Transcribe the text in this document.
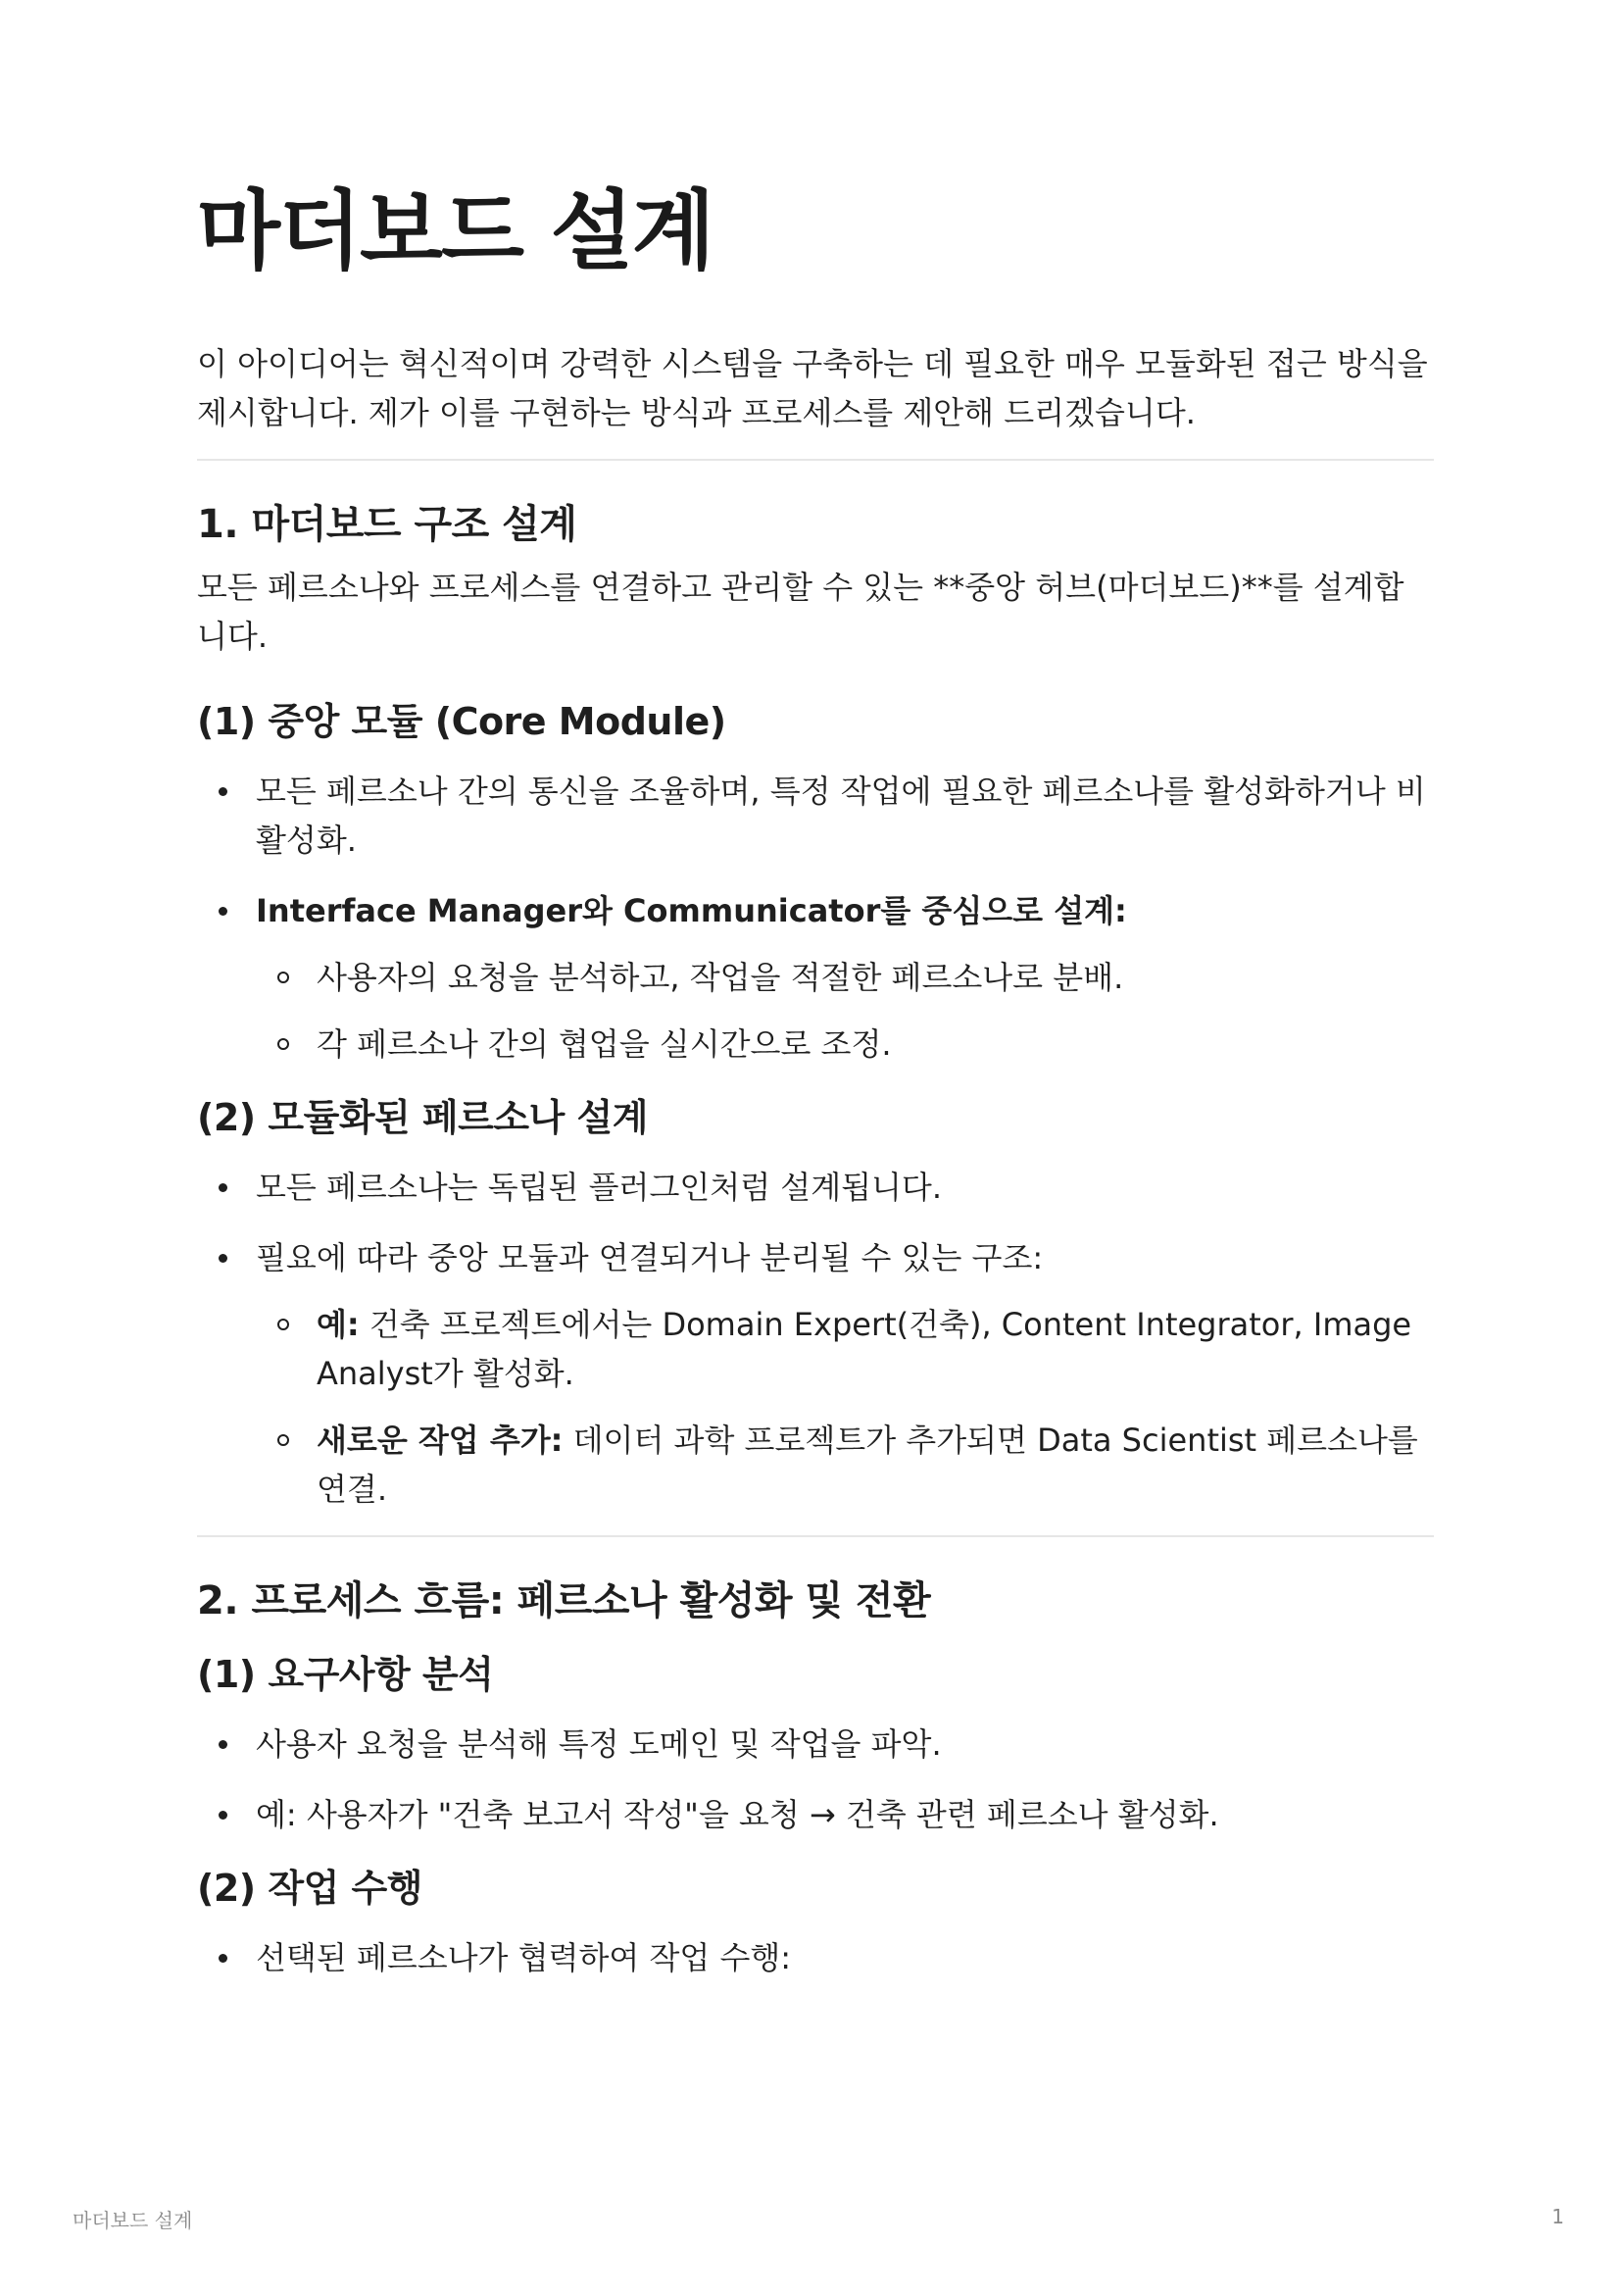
마더보드 설계

이 아이디어는 혁신적이며 강력한 시스템을 구축하는 데 필요한 매우 모듈화된 접근 방식을 제시합니다. 제가 이를 구현하는 방식과 프로세스를 제안해 드리겠습니다.

1. 마더보드 구조 설계

모든 페르소나와 프로세스를 연결하고 관리할 수 있는 **중앙 허브(마더보드)**를 설계합니다.

(1) 중앙 모듈 (Core Module)
모든 페르소나 간의 통신을 조율하며, 특정 작업에 필요한 페르소나를 활성화하거나 비활성화.
Interface Manager와 Communicator를 중심으로 설계:
사용자의 요청을 분석하고, 작업을 적절한 페르소나로 분배.
각 페르소나 간의 협업을 실시간으로 조정.
(2) 모듈화된 페르소나 설계
모든 페르소나는 독립된 플러그인처럼 설계됩니다.
필요에 따라 중앙 모듈과 연결되거나 분리될 수 있는 구조:
예: 건축 프로젝트에서는 Domain Expert(건축), Content Integrator, Image Analyst가 활성화.
새로운 작업 추가: 데이터 과학 프로젝트가 추가되면 Data Scientist 페르소나를 연결.
2. 프로세스 흐름: 페르소나 활성화 및 전환
(1) 요구사항 분석
사용자 요청을 분석해 특정 도메인 및 작업을 파악.
예: 사용자가 "건축 보고서 작성"을 요청 → 건축 관련 페르소나 활성화.
(2) 작업 수행
선택된 페르소나가 협력하여 작업 수행:
마더보드 설계	1
